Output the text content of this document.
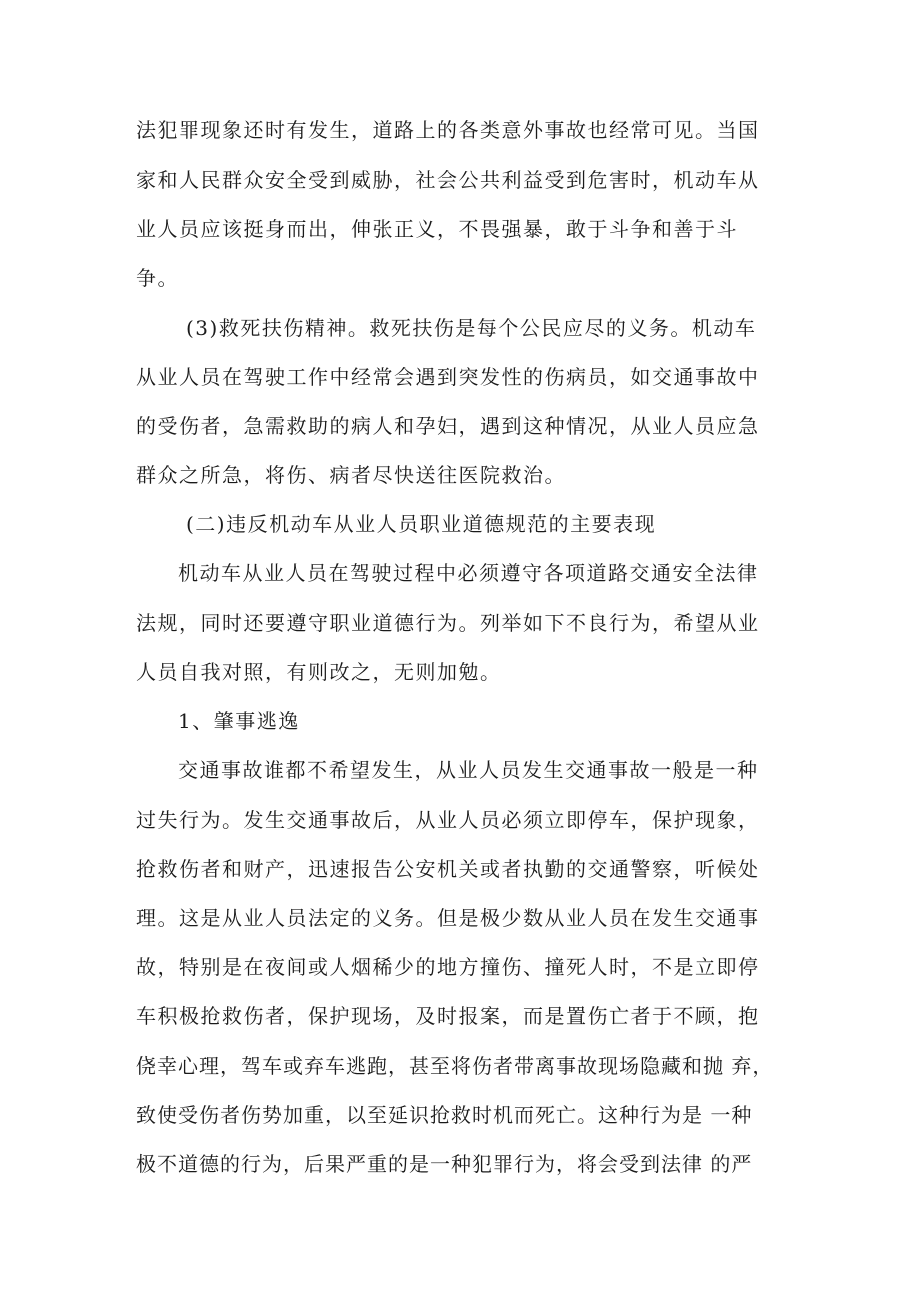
法犯罪现象还时有发生，道路上的各类意外事故也经常可见。当国
家和人民群众安全受到威胁，社会公共利益受到危害时，机动车从
业人员应该挺身而出，伸张正义，不畏强暴，敢于斗争和善于斗
争。
(3)救死扶伤精神。救死扶伤是每个公民应尽的义务。机动车
从业人员在驾驶工作中经常会遇到突发性的伤病员，如交通事故中
的受伤者，急需救助的病人和孕妇，遇到这种情况，从业人员应急
群众之所急，将伤、病者尽快送往医院救治。
(二)违反机动车从业人员职业道德规范的主要表现
机动车从业人员在驾驶过程中必须遵守各项道路交通安全法律
法规，同时还要遵守职业道德行为。列举如下不良行为，希望从业
人员自我对照，有则改之，无则加勉。
1、肇事逃逸
交通事故谁都不希望发生，从业人员发生交通事故一般是一种
过失行为。发生交通事故后，从业人员必须立即停车，保护现象，
抢救伤者和财产，迅速报告公安机关或者执勤的交通警察，听候处
理。这是从业人员法定的义务。但是极少数从业人员在发生交通事
故，特别是在夜间或人烟稀少的地方撞伤、撞死人时，不是立即停
车积极抢救伤者，保护现场，及时报案，而是置伤亡者于不顾，抱
侥幸心理，驾车或弃车逃跑，甚至将伤者带离事故现场隐藏和抛 弃，
致使受伤者伤势加重，以至延识抢救时机而死亡。这种行为是 一种
极不道德的行为，后果严重的是一种犯罪行为，将会受到法律 的严
